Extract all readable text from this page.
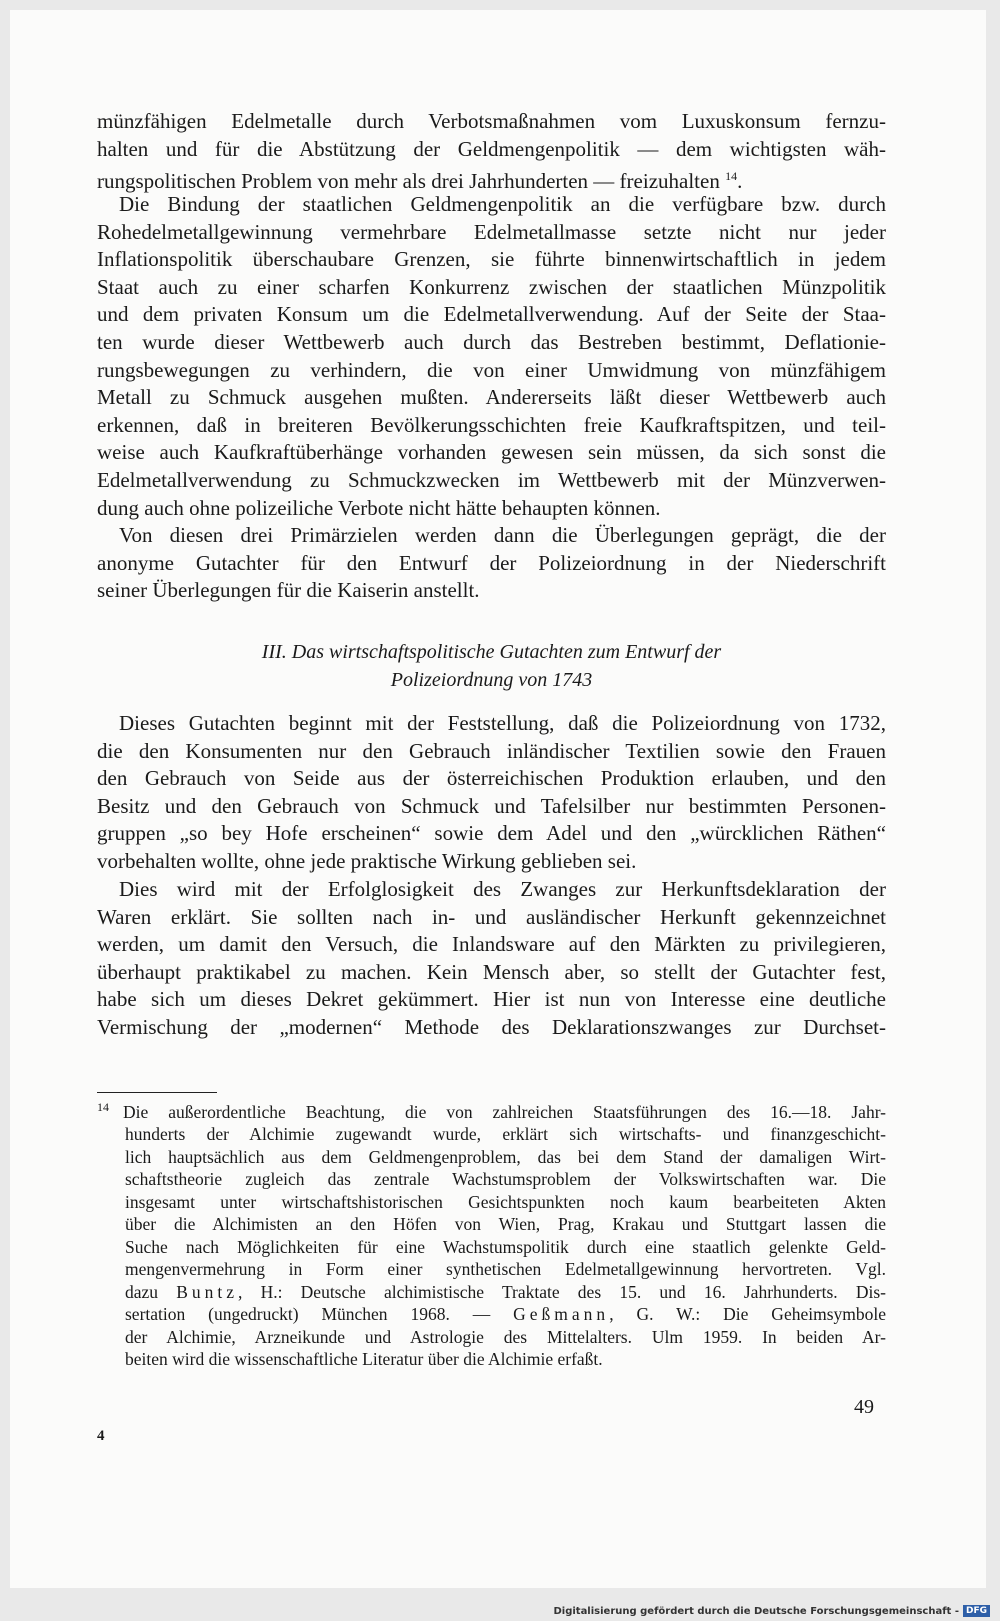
münzfähigen Edelmetalle durch Verbotsmaßnahmen vom Luxuskonsum fernzu-
halten und für die Abstützung der Geldmengenpolitik — dem wichtigsten wäh-
rungspolitischen Problem von mehr als drei Jahrhunderten — freizuhalten $^{14}$.
Die Bindung der staatlichen Geldmengenpolitik an die verfügbare bzw. durch
Rohedelmetallgewinnung vermehrbare Edelmetallmasse setzte nicht nur jeder
Inflationspolitik überschaubare Grenzen, sie führte binnenwirtschaftlich in jedem
Staat auch zu einer scharfen Konkurrenz zwischen der staatlichen Münzpolitik
und dem privaten Konsum um die Edelmetallverwendung. Auf der Seite der Staa-
ten wurde dieser Wettbewerb auch durch das Bestreben bestimmt, Deflationie-
rungsbewegungen zu verhindern, die von einer Umwidmung von münzfähigem
Metall zu Schmuck ausgehen mußten. Andererseits läßt dieser Wettbewerb auch
erkennen, daß in breiteren Bevölkerungsschichten freie Kaufkraftspitzen, und teil-
weise auch Kaufkraftüberhänge vorhanden gewesen sein müssen, da sich sonst die
Edelmetallverwendung zu Schmuckzwecken im Wettbewerb mit der Münzverwen-
dung auch ohne polizeiliche Verbote nicht hätte behaupten können.
Von diesen drei Primärzielen werden dann die Überlegungen geprägt, die der
anonyme Gutachter für den Entwurf der Polizeiordnung in der Niederschrift
seiner Überlegungen für die Kaiserin anstellt.
III. Das wirtschaftspolitische Gutachten zum Entwurf der
Polizeiordnung von 1743
Dieses Gutachten beginnt mit der Feststellung, daß die Polizeiordnung von 1732,
die den Konsumenten nur den Gebrauch inländischer Textilien sowie den Frauen
den Gebrauch von Seide aus der österreichischen Produktion erlauben, und den
Besitz und den Gebrauch von Schmuck und Tafelsilber nur bestimmten Personen-
gruppen „so bey Hofe erscheinen“ sowie dem Adel und den „würcklichen Räthen“
vorbehalten wollte, ohne jede praktische Wirkung geblieben sei.
Dies wird mit der Erfolglosigkeit des Zwanges zur Herkunftsdeklaration der
Waren erklärt. Sie sollten nach in- und ausländischer Herkunft gekennzeichnet
werden, um damit den Versuch, die Inlandsware auf den Märkten zu privilegieren,
überhaupt praktikabel zu machen. Kein Mensch aber, so stellt der Gutachter fest,
habe sich um dieses Dekret gekümmert. Hier ist nun von Interesse eine deutliche
Vermischung der „modernen“ Methode des Deklarationszwanges zur Durchset-
$^{14}$ Die außerordentliche Beachtung, die von zahlreichen Staatsführungen des 16.—18. Jahr-
hunderts der Alchimie zugewandt wurde, erklärt sich wirtschafts- und finanzgeschicht-
lich hauptsächlich aus dem Geldmengenproblem, das bei dem Stand der damaligen Wirt-
schaftstheorie zugleich das zentrale Wachstumsproblem der Volkswirtschaften war. Die
insgesamt unter wirtschaftshistorischen Gesichtspunkten noch kaum bearbeiteten Akten
über die Alchimisten an den Höfen von Wien, Prag, Krakau und Stuttgart lassen die
Suche nach Möglichkeiten für eine Wachstumspolitik durch eine staatlich gelenkte Geld-
mengenvermehrung in Form einer synthetischen Edelmetallgewinnung hervortreten. Vgl.
dazu Buntz, H.: Deutsche alchimistische Traktate des 15. und 16. Jahrhunderts. Dis-
sertation (ungedruckt) München 1968. — Geßmann, G. W.: Die Geheimsymbole
der Alchimie, Arzneikunde und Astrologie des Mittelalters. Ulm 1959. In beiden Ar-
beiten wird die wissenschaftliche Literatur über die Alchimie erfaßt.
49
4
Digitalisierung gefördert durch die Deutsche Forschungsgemeinschaft - DFG
